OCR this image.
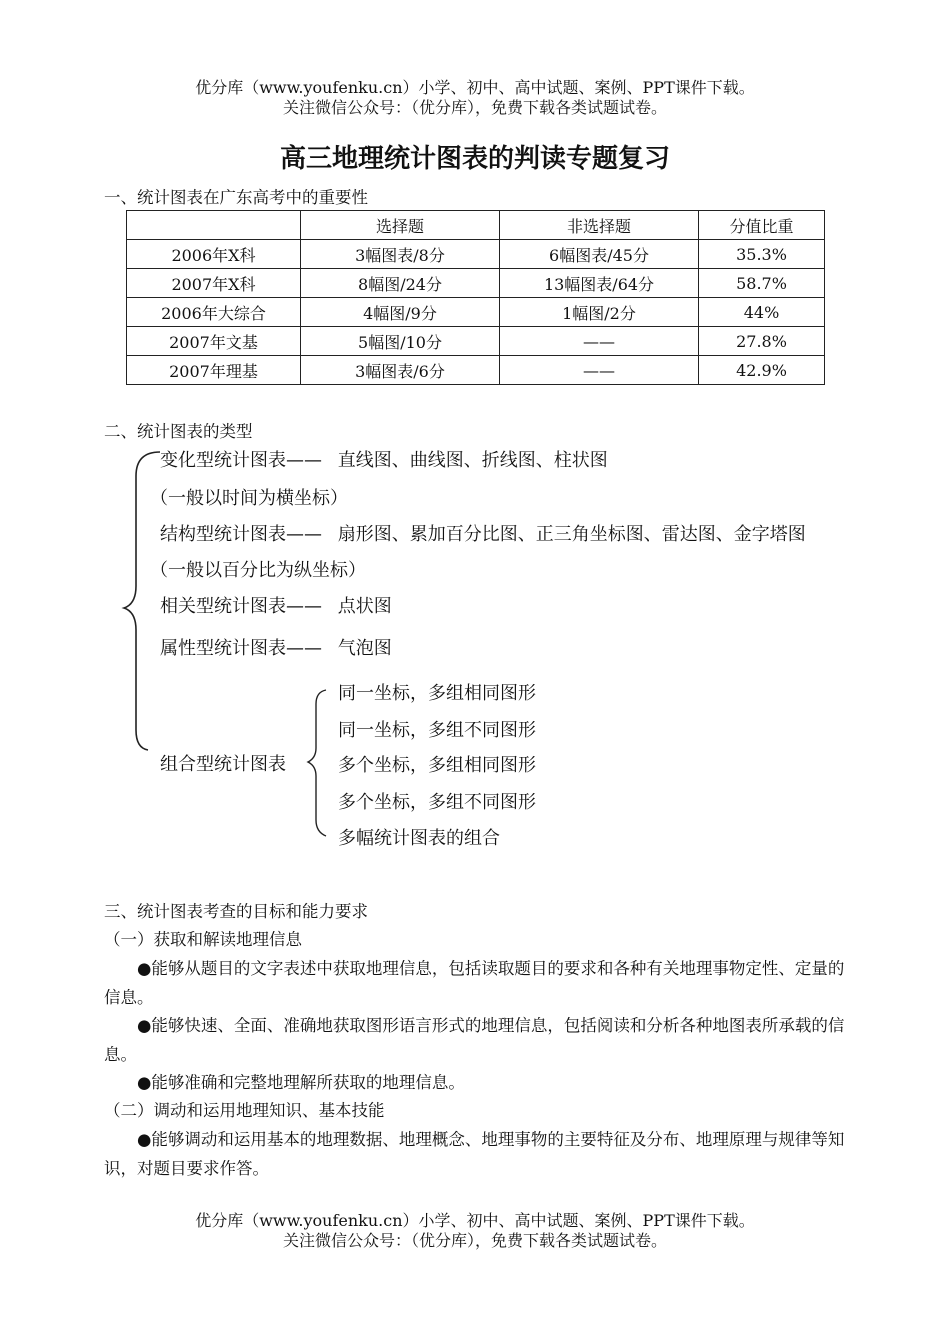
优分库（www.youfenku.cn）小学、初中、高中试题、案例、PPT课件下载。
关注微信公众号：（优分库），免费下载各类试题试卷。
高三地理统计图表的判读专题复习
一、统计图表在广东高考中的重要性
	选择题	非选择题	分值比重
2006年X科	3幅图表/8分	6幅图表/45分	35.3%
2007年X科	8幅图/24分	13幅图表/64分	58.7%
2006年大综合	4幅图/9分	1幅图/2分	44%
2007年文基	5幅图/10分	——	27.8%
2007年理基	3幅图表/6分	——	42.9%
二、统计图表的类型
变化型统计图表—— 直线图、曲线图、折线图、柱状图
（一般以时间为横坐标）
结构型统计图表—— 扇形图、累加百分比图、正三角坐标图、雷达图、金字塔图
（一般以百分比为纵坐标）
相关型统计图表—— 点状图
属性型统计图表—— 气泡图
组合型统计图表
同一坐标，多组相同图形
同一坐标，多组不同图形
多个坐标，多组相同图形
多个坐标，多组不同图形
多幅统计图表的组合
三、统计图表考查的目标和能力要求
（一）获取和解读地理信息
●能够从题目的文字表述中获取地理信息，包括读取题目的要求和各种有关地理事物定性、定量的信息。
●能够快速、全面、准确地获取图形语言形式的地理信息，包括阅读和分析各种地图表所承载的信息。
●能够准确和完整地理解所获取的地理信息。
（二）调动和运用地理知识、基本技能
●能够调动和运用基本的地理数据、地理概念、地理事物的主要特征及分布、地理原理与规律等知识，对题目要求作答。
优分库（www.youfenku.cn）小学、初中、高中试题、案例、PPT课件下载。
关注微信公众号：（优分库），免费下载各类试题试卷。
